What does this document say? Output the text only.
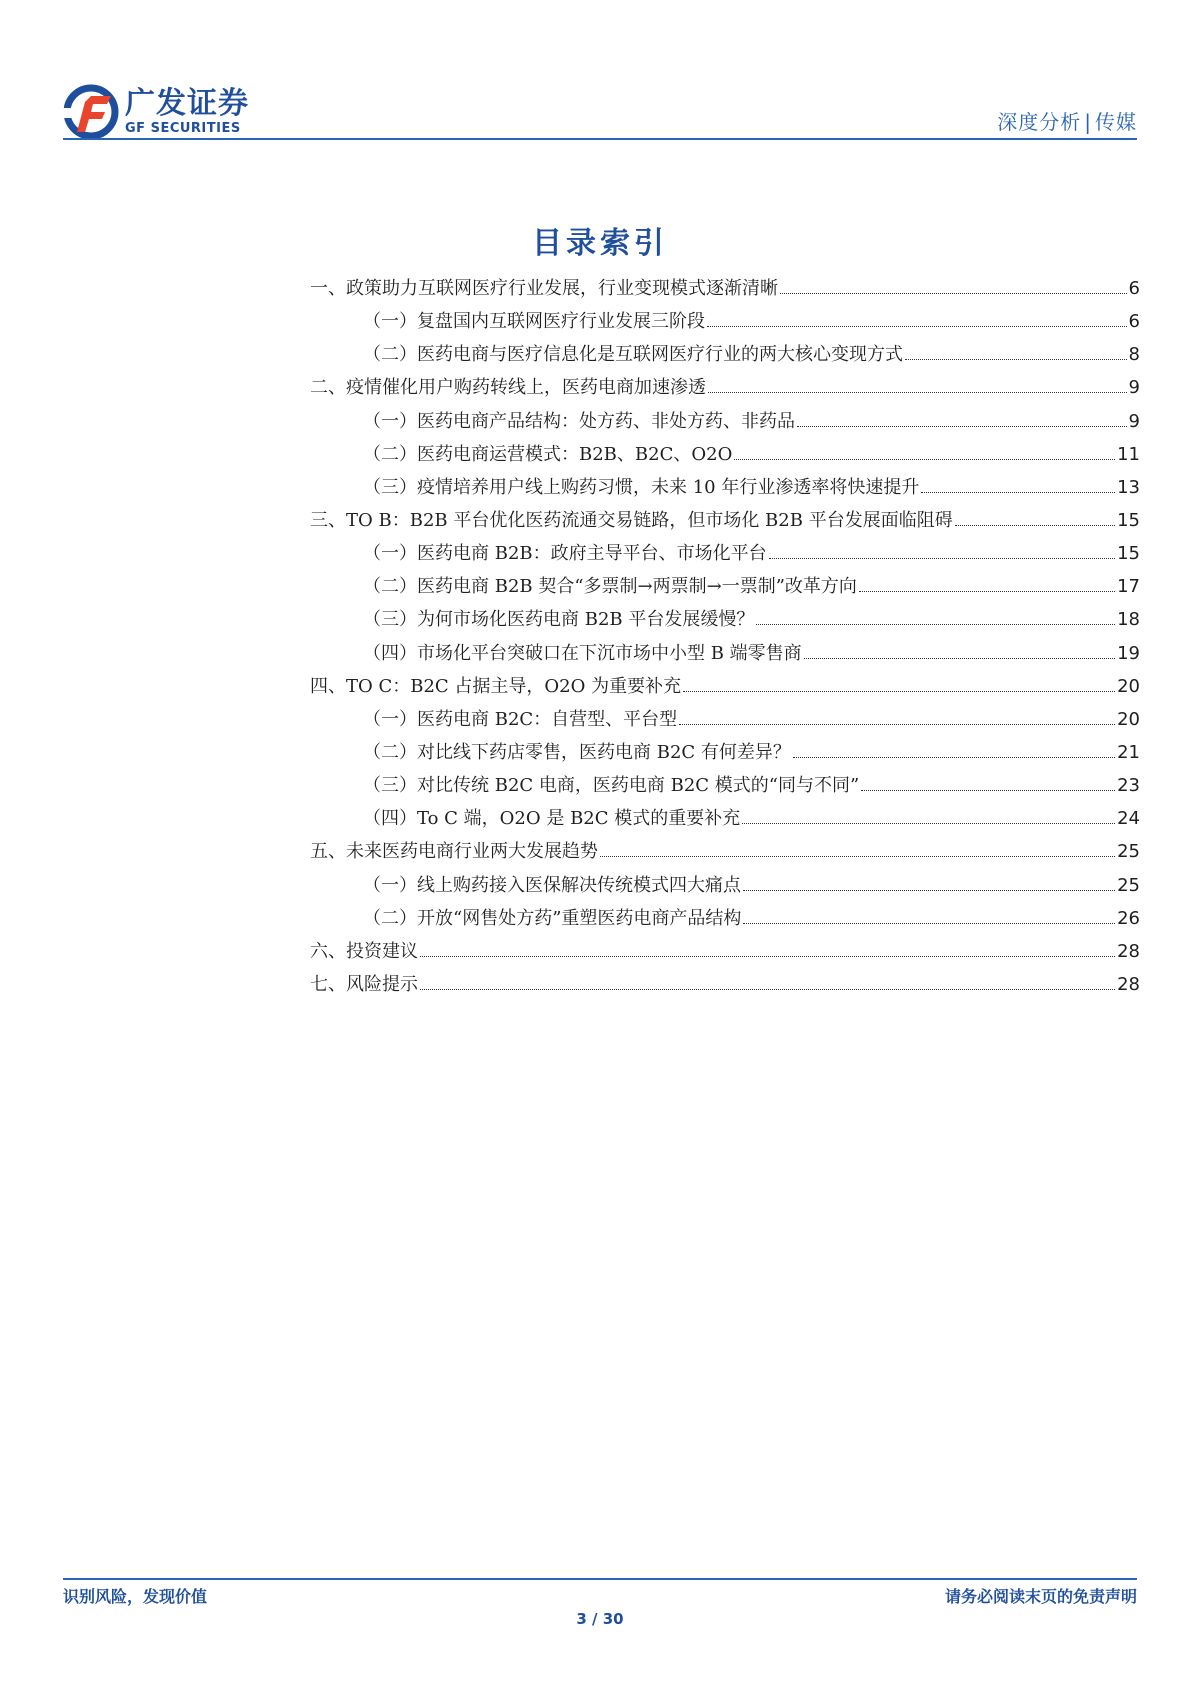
广发证券
GF SECURITIES	深度分析 | 传媒
目录索引
一、政策助力互联网医疗行业发展，行业变现模式逐渐清晰	6
（一）复盘国内互联网医疗行业发展三阶段	6
（二）医药电商与医疗信息化是互联网医疗行业的两大核心变现方式	8
二、疫情催化用户购药转线上，医药电商加速渗透	9
（一）医药电商产品结构：处方药、非处方药、非药品	9
（二）医药电商运营模式：B2B、B2C、O2O	11
（三）疫情培养用户线上购药习惯，未来 10 年行业渗透率将快速提升	13
三、TO B：B2B 平台优化医药流通交易链路，但市场化 B2B 平台发展面临阻碍	15
（一）医药电商 B2B：政府主导平台、市场化平台	15
（二）医药电商 B2B 契合“多票制→两票制→一票制”改革方向	17
（三）为何市场化医药电商 B2B 平台发展缓慢？	18
（四）市场化平台突破口在下沉市场中小型 B 端零售商	19
四、TO C：B2C 占据主导，O2O 为重要补充	20
（一）医药电商 B2C：自营型、平台型	20
（二）对比线下药店零售，医药电商 B2C 有何差异？	21
（三）对比传统 B2C 电商，医药电商 B2C 模式的“同与不同”	23
（四）To C 端，O2O 是 B2C 模式的重要补充	24
五、未来医药电商行业两大发展趋势	25
（一）线上购药接入医保解决传统模式四大痛点	25
（二）开放“网售处方药”重塑医药电商产品结构	26
六、投资建议	28
七、风险提示	28
识别风险，发现价值	请务必阅读末页的免责声明
3 / 30
